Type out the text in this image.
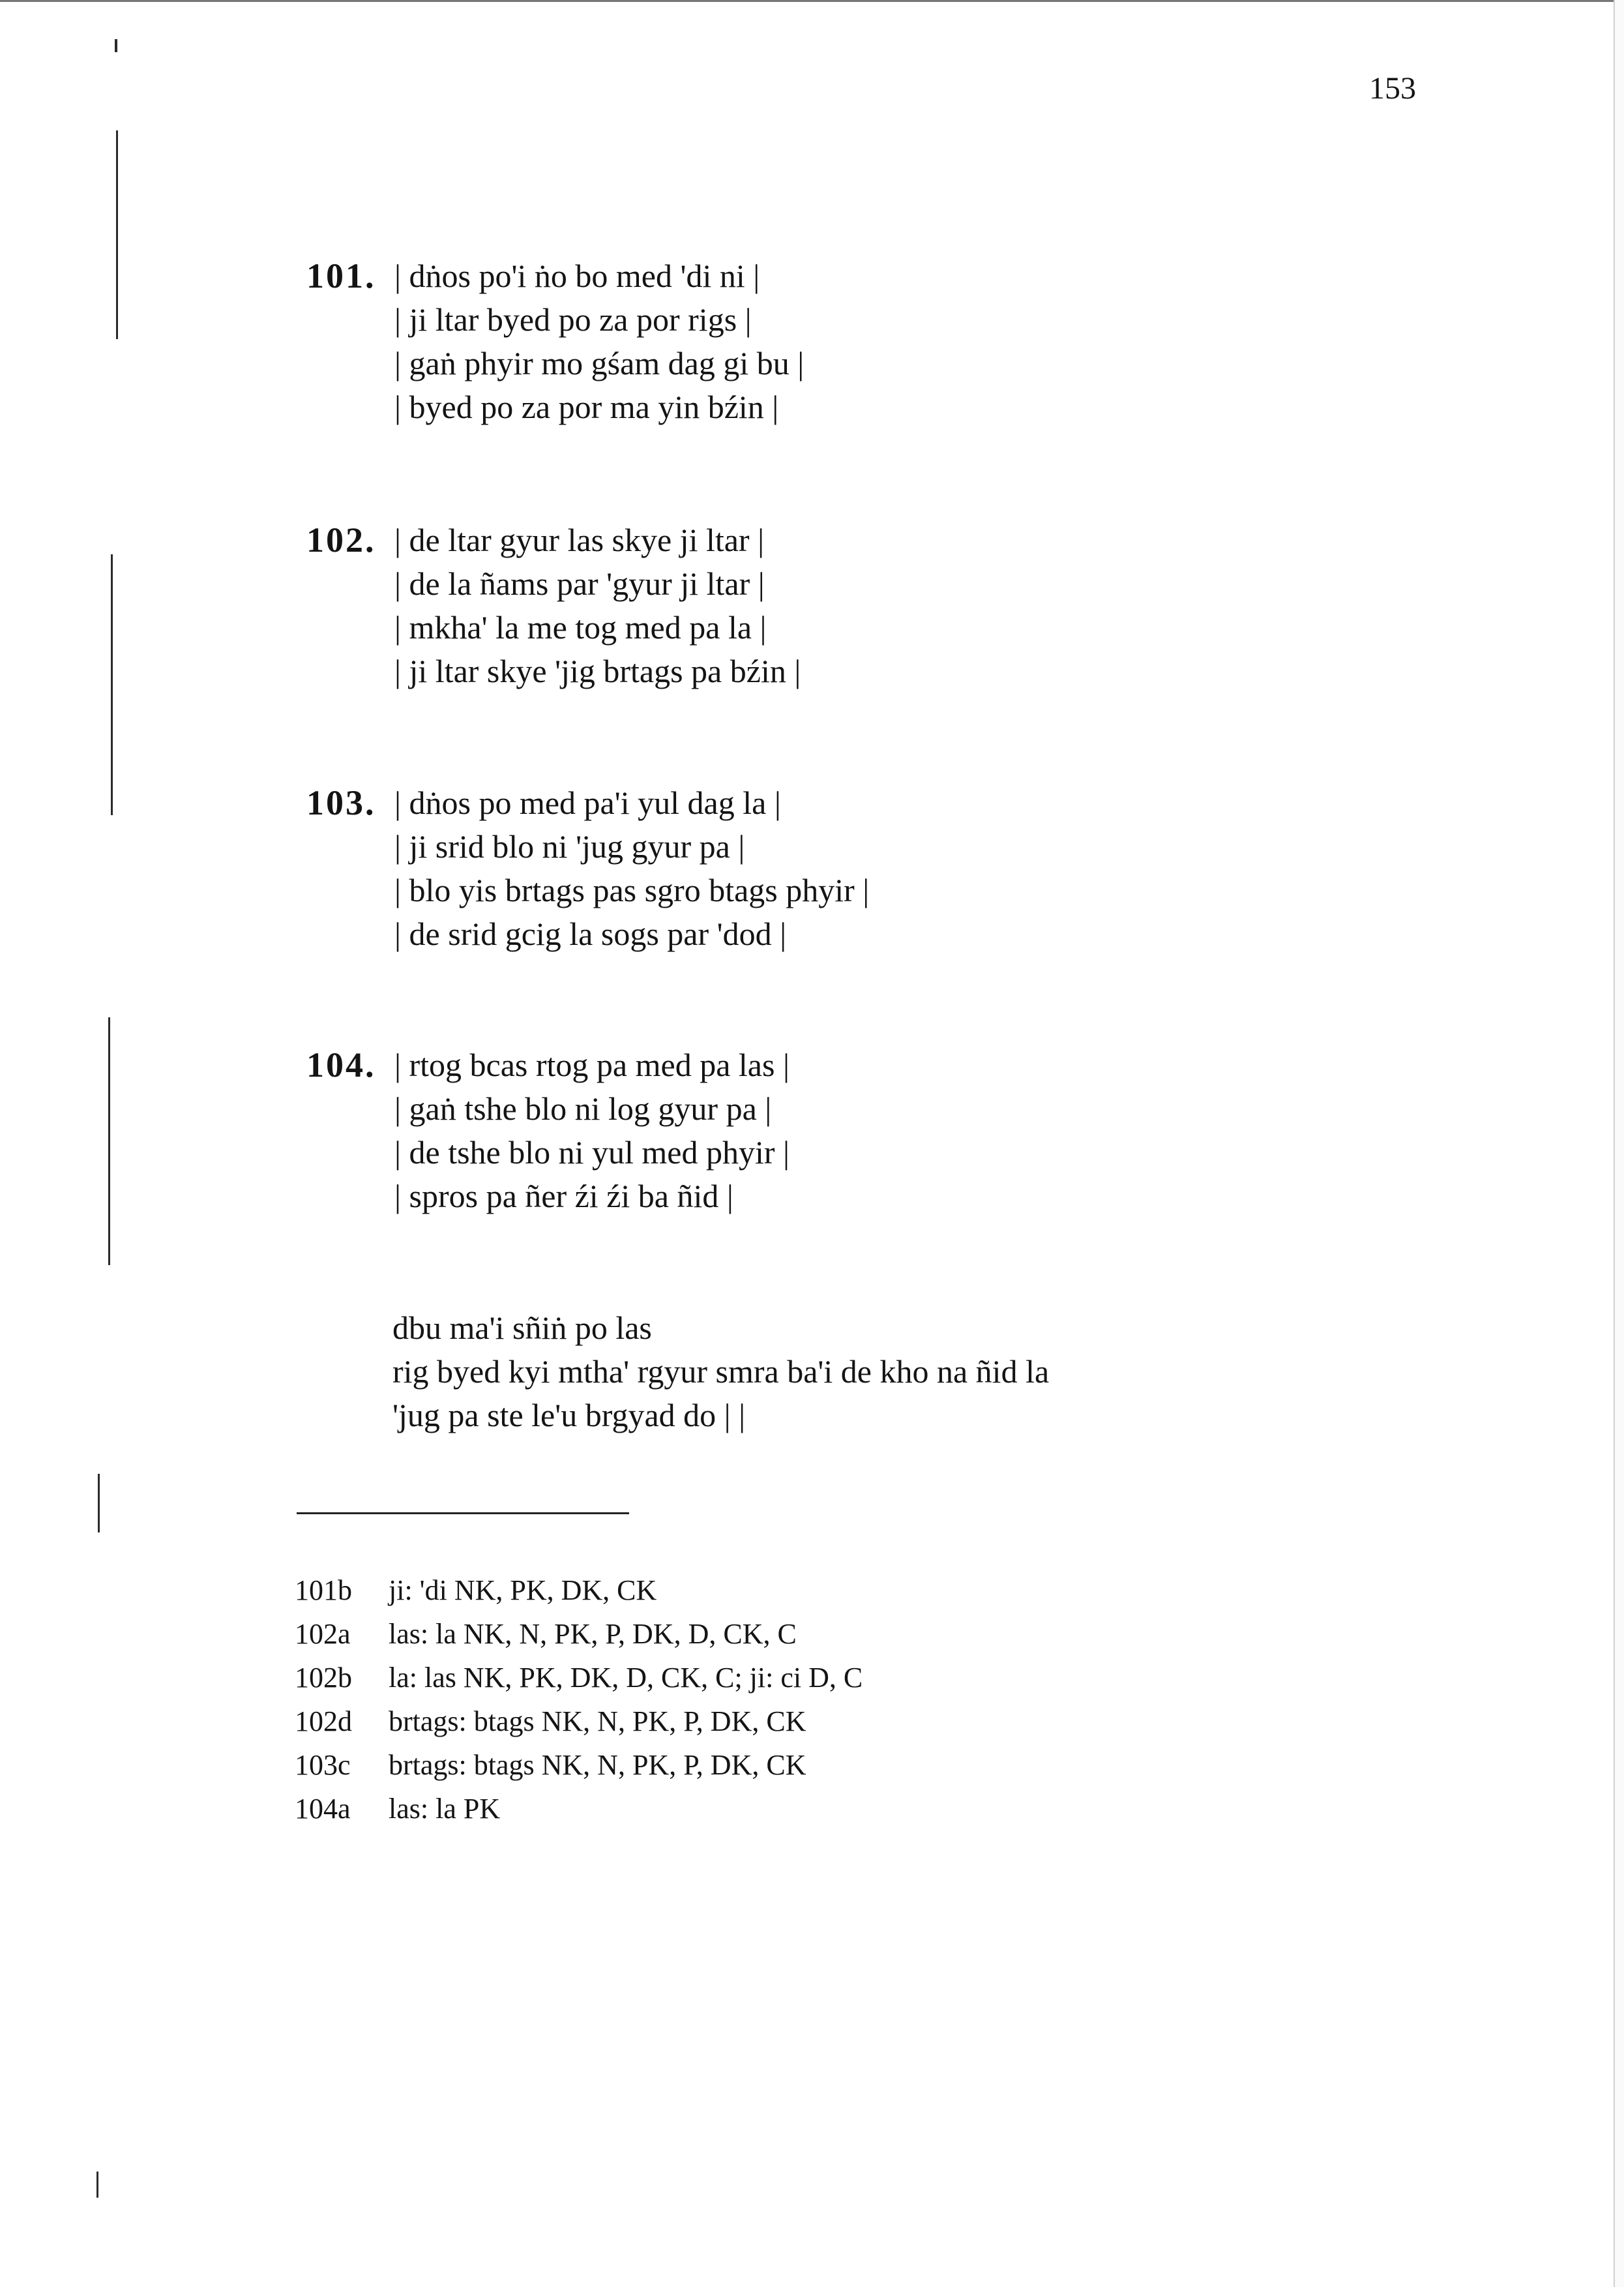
153
101. | dṅos po'i ṅo bo med 'di ni |
| ji ltar byed po za por rigs |
| gaṅ phyir mo gśam dag gi bu |
| byed po za por ma yin bźin |
102. | de ltar gyur las skye ji ltar |
| de la ñams par 'gyur ji ltar |
| mkha' la me tog med pa la |
| ji ltar skye 'jig brtags pa bźin |
103. | dṅos po med pa'i yul dag la |
| ji srid blo ni 'jug gyur pa |
| blo yis brtags pas sgro btags phyir |
| de srid gcig la sogs par 'dod |
104. | rtog bcas rtog pa med pa las |
| gaṅ tshe blo ni log gyur pa |
| de tshe blo ni yul med phyir |
| spros pa ñer źi źi ba ñid |
dbu ma'i sñiṅ po las
rig byed kyi mtha' rgyur smra ba'i de kho na ñid la
'jug pa ste le'u brgyad do | |
101b ji: 'di NK, PK, DK, CK
102a las: la NK, N, PK, P, DK, D, CK, C
102b la: las NK, PK, DK, D, CK, C; ji: ci D, C
102d brtags: btags NK, N, PK, P, DK, CK
103c brtags: btags NK, N, PK, P, DK, CK
104a las: la PK
